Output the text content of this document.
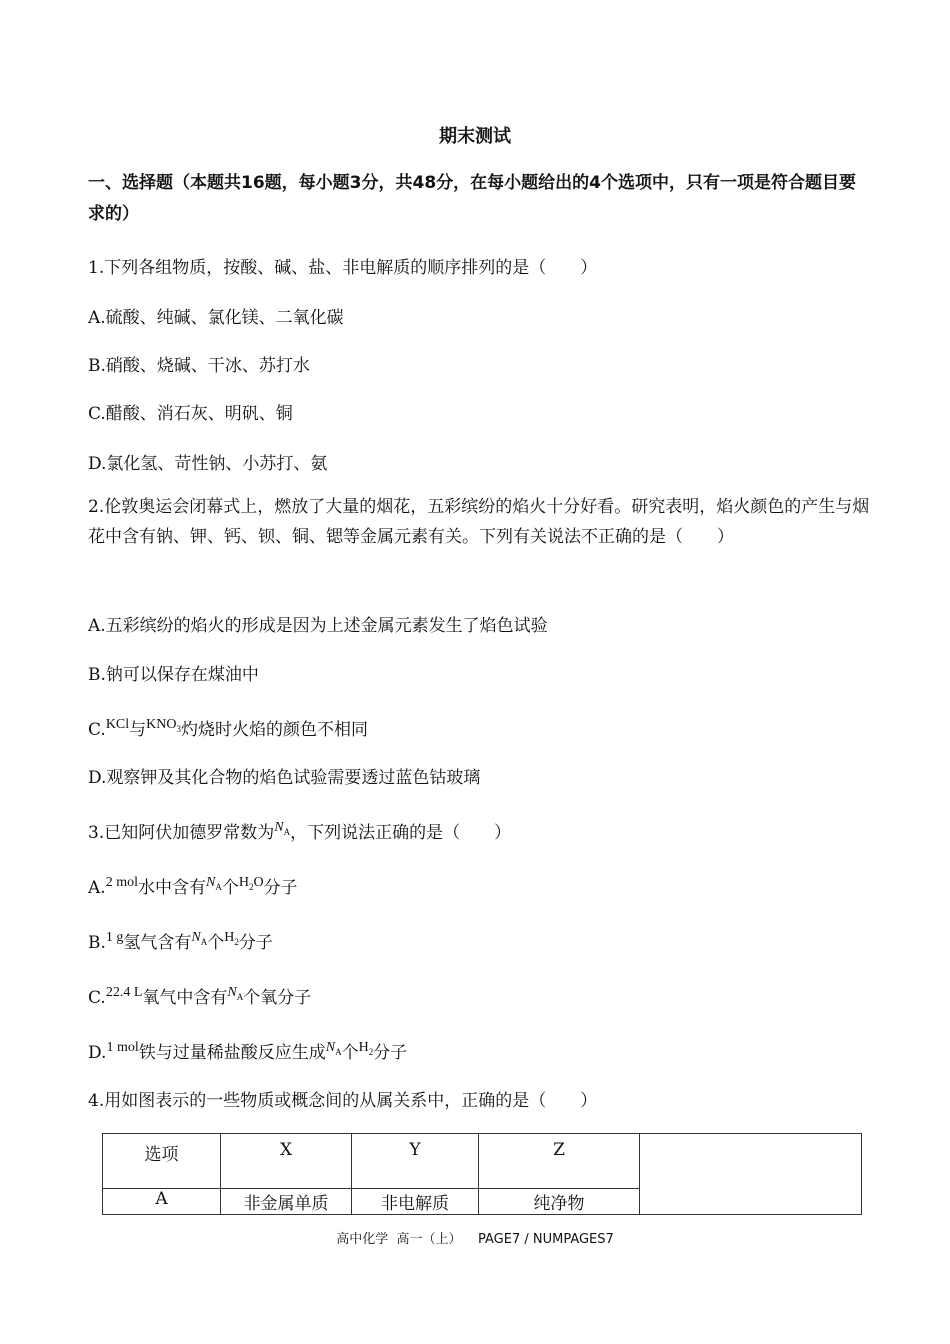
期末测试
一、选择题（本题共16题，每小题3分，共48分，在每小题给出的4个选项中，只有一项是符合题目要求的）
1.下列各组物质，按酸、碱、盐、非电解质的顺序排列的是（　　）
A.硫酸、纯碱、氯化镁、二氧化碳
B.硝酸、烧碱、干冰、苏打水
C.醋酸、消石灰、明矾、铜
D.氯化氢、苛性钠、小苏打、氨
2.伦敦奥运会闭幕式上，燃放了大量的烟花，五彩缤纷的焰火十分好看。研究表明，焰火颜色的产生与烟花中含有钠、钾、钙、钡、铜、锶等金属元素有关。下列有关说法不正确的是（　　）
A.五彩缤纷的焰火的形成是因为上述金属元素发生了焰色试验
B.钠可以保存在煤油中
C.$^{KCl}$与$^{KNO}$3灼烧时火焰的颜色不相同
D.观察钾及其化合物的焰色试验需要透过蓝色钴玻璃
3.已知阿伏加德罗常数为$^N$A，下列说法正确的是（　　）
A.$^{2 mol}$水中含有$^N$A个$^H2^O$分子
B.$^{1 g}$氢气含有$^N$A个$^H$2分子
C.$^{22.4 L}$氧气中含有$^N$A个氧分子
D.$^{1 mol}$铁与过量稀盐酸反应生成$^N$A个$^H$2分子
4.用如图表示的一些物质或概念间的从属关系中，正确的是（　　）
选项	X	Y	Z	
A	非金属单质	非电解质	纯净物	
高中化学  高一（上）    PAGE7 / NUMPAGES7
